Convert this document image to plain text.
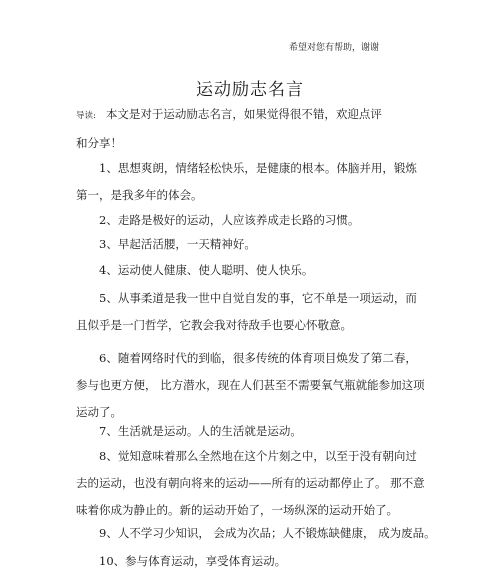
希望对您有帮助，谢谢
运动励志名言
导读: 本文是对于运动励志名言，如果觉得很不错，欢迎点评
和分享！
1、思想爽朗，情绪轻松快乐，是健康的根本。体脑并用，锻炼
第一，是我多年的体会。
2、走路是极好的运动，人应该养成走长路的习惯。
3、早起活活腰，一天精神好。
4、运动使人健康、使人聪明、使人快乐。
5、从事柔道是我一世中自觉自发的事，它不单是一项运动，而
且似乎是一门哲学，它教会我对待敌手也要心怀敬意。
6、随着网络时代的到临，很多传统的体育项目焕发了第二春，
参与也更方便， 比方潜水，现在人们甚至不需要氧气瓶就能参加这项
运动了。
7、生活就是运动。人的生活就是运动。
8、觉知意味着那么全然地在这个片刻之中，以至于没有朝向过
去的运动，也没有朝向将来的运动——所有的运动都停止了。 那不意
味着你成为静止的。新的运动开始了，一场纵深的运动开始了。
9、人不学习少知识， 会成为次品；人不锻炼缺健康， 成为废品。
10、参与体育运动，享受体育运动。
